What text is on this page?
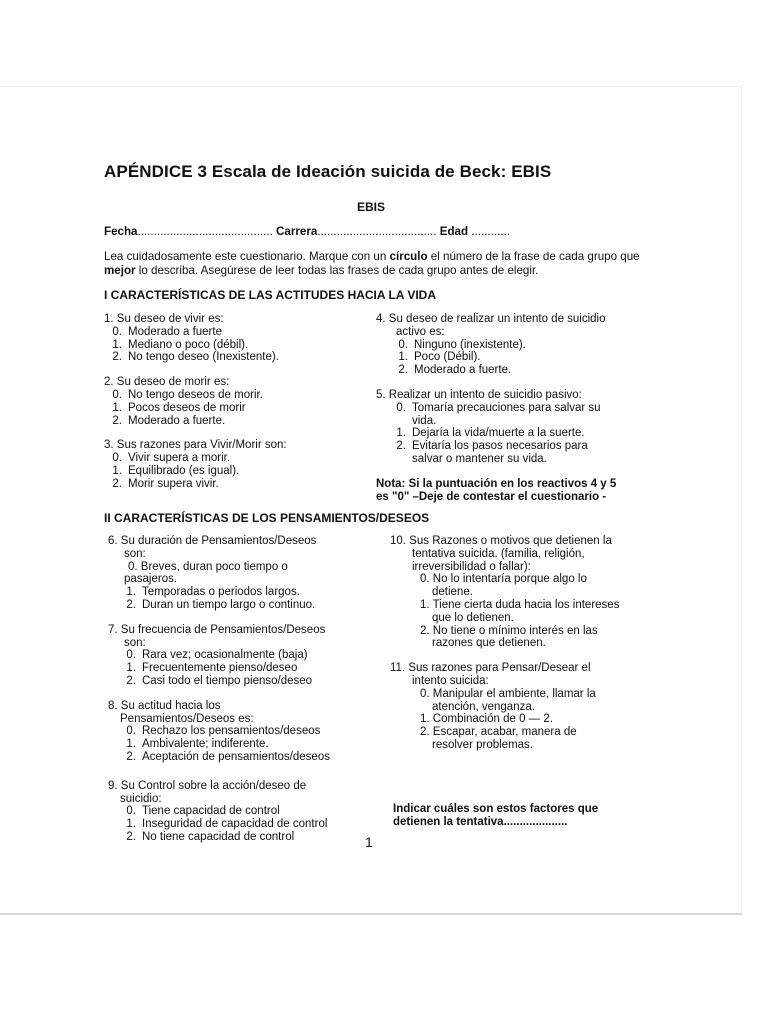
APÉNDICE 3 Escala de Ideación suicida de Beck: EBIS
EBIS
Fecha.......................................... Carrera..................................... Edad ............
Lea cuidadosamente este cuestionario. Marque con un círculo el número de la frase de cada grupo que mejor lo describa. Asegúrese de leer todas las frases de cada grupo antes de elegir.
I CARACTERÍSTICAS DE LAS ACTITUDES HACIA LA VIDA
1. Su deseo de vivir es:
0. Moderado a fuerte
1. Mediano o poco (débil).
2. No tengo deseo (Inexistente).
2. Su deseo de morir es:
0. No tengo deseos de morir.
1. Pocos deseos de morir
2. Moderado a fuerte.
3. Sus razones para Vivir/Morir son:
0. Vivir supera a morir.
1. Equilibrado (es igual).
2. Morir supera vivir.
4. Su deseo de realizar un intento de suicidio
activo es:
0. Ninguno (inexistente).
1. Poco (Débil).
2. Moderado a fuerte.
5. Realizar un intento de suicidio pasivo:
0. Tomaría precauciones para salvar su
vida.
1. Dejaría la vida/muerte a la suerte.
2. Evitaría los pasos necesarios para
salvar o mantener su vida.
Nota: Si la puntuación en los reactivos 4 y 5
es "0" –Deje de contestar el cuestionario -
II CARACTERÍSTICAS DE LOS PENSAMIENTOS/DESEOS
6. Su duración de Pensamientos/Deseos
son:
0. Breves, duran poco tiempo o
pasajeros.
1. Temporadas o periodos largos.
2. Duran un tiempo largo o continuo.
7. Su frecuencia de Pensamientos/Deseos
son:
0. Rara vez; ocasionalmente (baja)
1. Frecuentemente pienso/deseo
2. Casi todo el tiempo pienso/deseo
8. Su actitud hacia los
Pensamientos/Deseos es:
0. Rechazo los pensamientos/deseos
1. Ambivalente; indiferente.
2. Aceptación de pensamientos/deseos
9. Su Control sobre la acción/deseo de
suicidio:
0. Tiene capacidad de control
1. Inseguridad de capacidad de control
2. No tiene capacidad de control
10. Sus Razones o motivos que detienen la
tentativa suicida. (familia, religión,
irreversibilidad o fallar):
0. No lo intentaría porque algo lo
detiene.
1. Tiene cierta duda hacia los intereses
que lo detienen.
2. No tiene o mínimo interés en las
razones que detienen.
11. Sus razones para Pensar/Desear el
intento suicida:
0. Manipular el ambiente, llamar la
atención, venganza.
1. Combinación de 0 — 2.
2. Escapar, acabar, manera de
resolver problemas.
Indicar cuáles son estos factores que
detienen la tentativa....................
1
